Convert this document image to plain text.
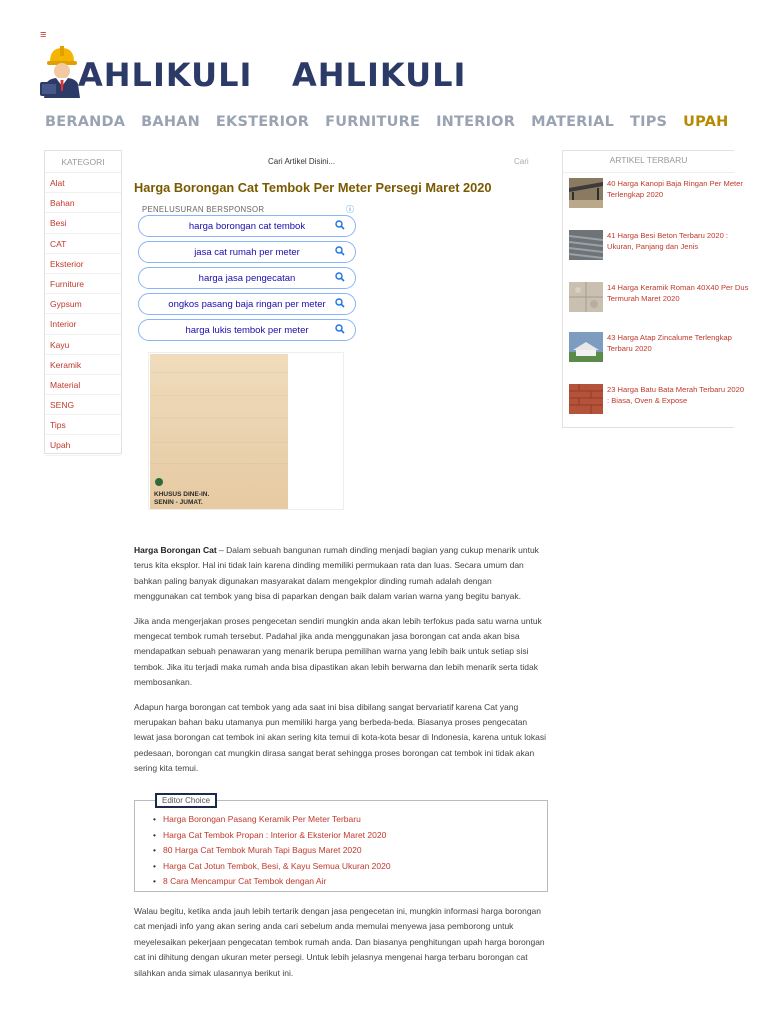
≡
AHLIKULI AHLIKULI
BERANDA BAHAN EKSTERIOR FURNITURE INTERIOR MATERIAL TIPS UPAH
KATEGORI
Alat
Bahan
Besi
CAT
Eksterior
Furniture
Gypsum
Interior
Kayu
Keramik
Material
SENG
Tips
Upah
Cari Artikel Disini...	Cari
Harga Borongan Cat Tembok Per Meter Persegi Maret 2020
PENELUSURAN BERSPONSOR	ⓘ
harga borongan cat tembok
jasa cat rumah per meter
harga jasa pengecatan
ongkos pasang baja ringan per meter
harga lukis tembok per meter
KHUSUS DINE-IN.
SENIN - JUMAT.

Harga Borongan Cat – Dalam sebuah bangunan rumah dinding menjadi bagian yang cukup menarik untuk terus kita eksplor. Hal ini tidak lain karena dinding memiliki permukaan rata dan luas. Secara umum dan bahkan paling banyak digunakan masyarakat dalam mengekplor dinding rumah adalah dengan menggunakan cat tembok yang bisa di paparkan dengan baik dalam varian warna yang begitu banyak.

Jika anda mengerjakan proses pengecetan sendiri mungkin anda akan lebih terfokus pada satu warna untuk mengecat tembok rumah tersebut. Padahal jika anda menggunakan jasa borongan cat anda akan bisa mendapatkan sebuah penawaran yang menarik berupa pemilihan warna yang lebih baik untuk setiap sisi tembok. Jika itu terjadi maka rumah anda bisa dipastikan akan lebih berwarna dan lebih menarik serta tidak membosankan.

Adapun harga borongan cat tembok yang ada saat ini bisa dibilang sangat bervariatif karena Cat yang merupakan bahan baku utamanya pun memiliki harga yang berbeda-beda. Biasanya proses pengecatan lewat jasa borongan cat tembok ini akan sering kita temui di kota-kota besar di Indonesia, karena untuk lokasi pedesaan, borongan cat mungkin dirasa sangat berat sehingga proses borongan cat tembok ini tidak akan sering kita temui.

Editor Choice
• Harga Borongan Pasang Keramik Per Meter Terbaru
• Harga Cat Tembok Propan : Interior & Eksterior Maret 2020
• 80 Harga Cat Tembok Murah Tapi Bagus Maret 2020
• Harga Cat Jotun Tembok, Besi, & Kayu Semua Ukuran 2020
• 8 Cara Mencampur Cat Tembok dengan Air
Walau begitu, ketika anda jauh lebih tertarik dengan jasa pengecetan ini, mungkin informasi harga borongan cat menjadi info yang akan sering anda cari sebelum anda memulai menyewa jasa pemborong untuk meyelesaikan pekerjaan pengecatan tembok rumah anda. Dan biasanya penghitungan upah harga borongan cat ini dihitung dengan ukuran meter persegi. Untuk lebih jelasnya mengenai harga terbaru borongan cat silahkan anda simak ulasannya berikut ini.
ARTIKEL TERBARU
40 Harga Kanopi Baja Ringan Per Meter
Terlengkap 2020
41 Harga Besi Beton Terbaru 2020 :
Ukuran, Panjang dan Jenis
14 Harga Keramik Roman 40X40 Per Dus
Termurah Maret 2020
43 Harga Atap Zincalume Terlengkap
Terbaru 2020
23 Harga Batu Bata Merah Terbaru 2020
: Biasa, Oven & Expose
